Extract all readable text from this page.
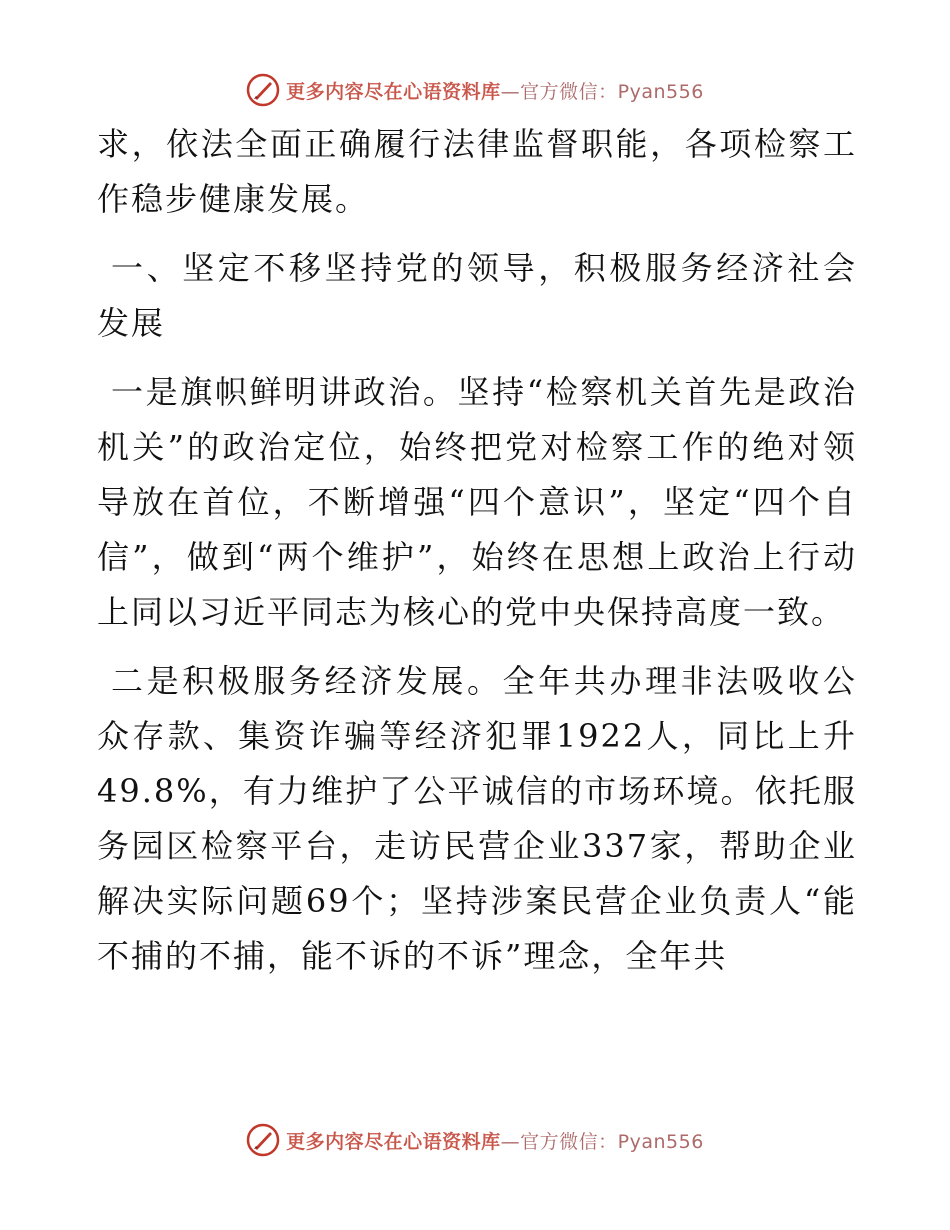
更多内容尽在心语资料库—官方微信：Pyan556

求，依法全面正确履行法律监督职能，各项检察工作稳步健康发展。

一、坚定不移坚持党的领导，积极服务经济社会发展

一是旗帜鲜明讲政治。坚持“检察机关首先是政治机关”的政治定位，始终把党对检察工作的绝对领导放在首位，不断增强“四个意识”，坚定“四个自信”，做到“两个维护”，始终在思想上政治上行动上同以习近平同志为核心的党中央保持高度一致。

二是积极服务经济发展。全年共办理非法吸收公众存款、集资诈骗等经济犯罪1922人，同比上升49.8%，有力维护了公平诚信的市场环境。依托服务园区检察平台，走访民营企业337家，帮助企业解决实际问题69个；坚持涉案民营企业负责人“能不捕的不捕，能不诉的不诉”理念，全年共

更多内容尽在心语资料库—官方微信：Pyan556
